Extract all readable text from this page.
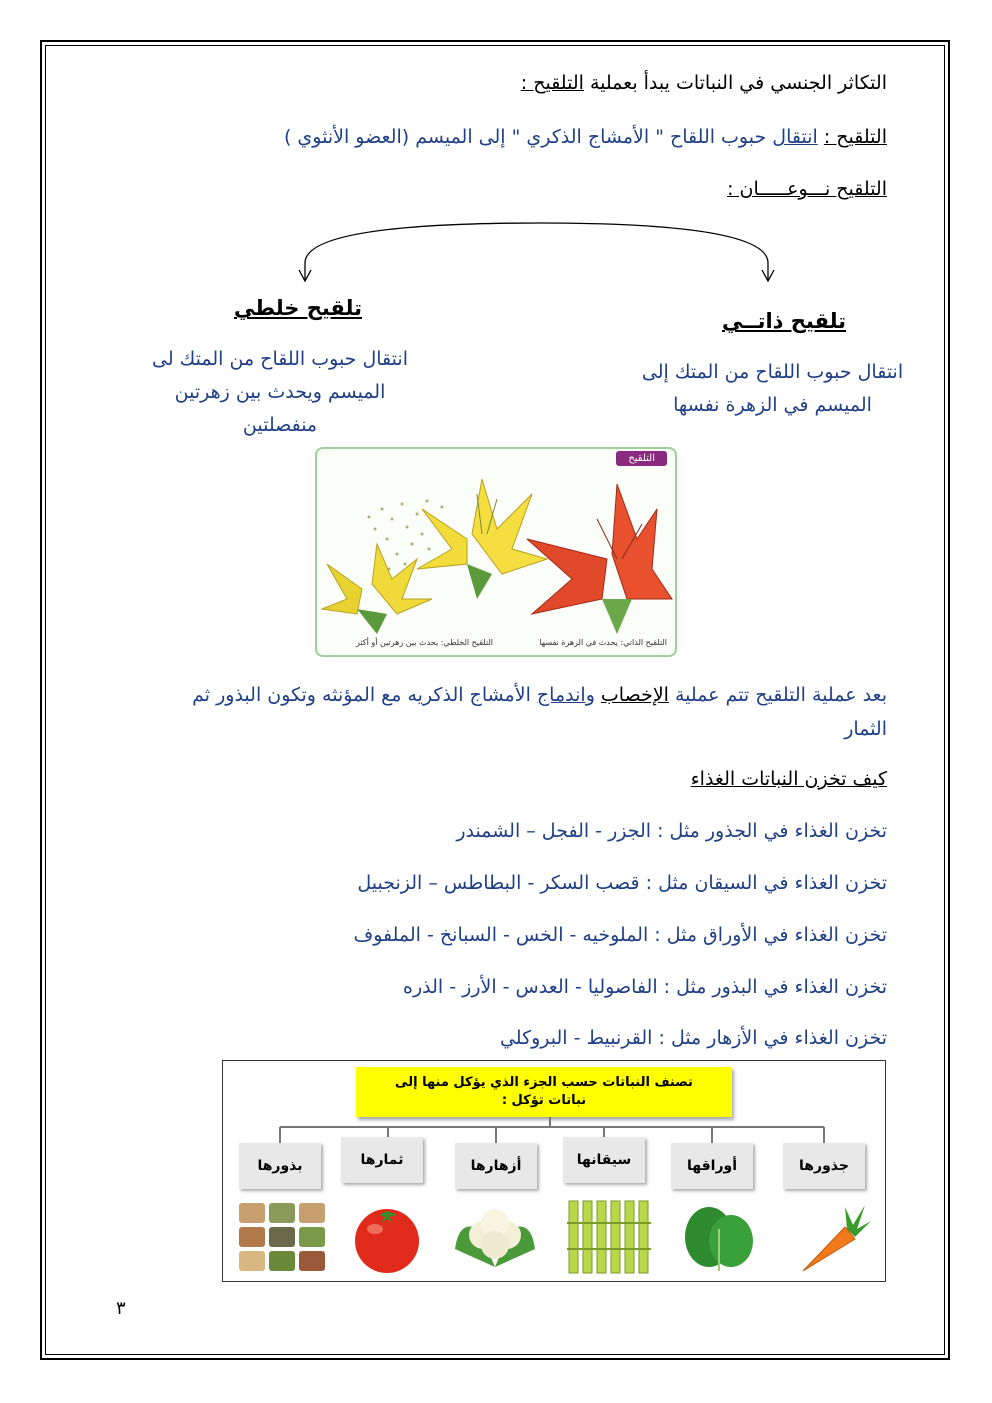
التكاثر الجنسي في النباتات يبدأ بعملية التلقيح :
التلقيح : انتقال حبوب اللقاح " الأمشاج الذكري " إلى الميسم (العضو الأنثوي )
التلقيح نـــوعـــــان :
تلقيح خلطي
تلقيح ذاتــي
انتقال حبوب اللقاح من المتك لى
الميسم ويحدث بين زهرتين
منفصلتين
انتقال حبوب اللقاح من المتك إلى
الميسم في الزهرة نفسها
التلقيح
التلقيح الخلطي: يحدث بين زهرتين أو أكثر	التلقيح الذاتي: يحدث في الزهرة نفسها
بعد عملية التلقيح تتم عملية الإخصاب واندماج الأمشاج الذكريه مع المؤنثه وتكون البذور ثم
الثمار
كيف تخزن النباتات الغذاء
تخزن الغذاء في الجذور مثل : الجزر - الفجل – الشمندر
تخزن الغذاء في السيقان مثل : قصب السكر - البطاطس – الزنجبيل
تخزن الغذاء في الأوراق مثل : الملوخيه - الخس - السبانخ - الملفوف
تخزن الغذاء في البذور مثل : الفاصوليا - العدس - الأرز - الذره
تخزن الغذاء في الأزهار مثل : القرنبيط - البروكلي
تصنف النباتات حسب الجزء الذي يؤكل منها إلى
نباتات تؤكل :
جذورها
أوراقها
سيقانها
أزهارها
ثمارها
بذورها
٣
